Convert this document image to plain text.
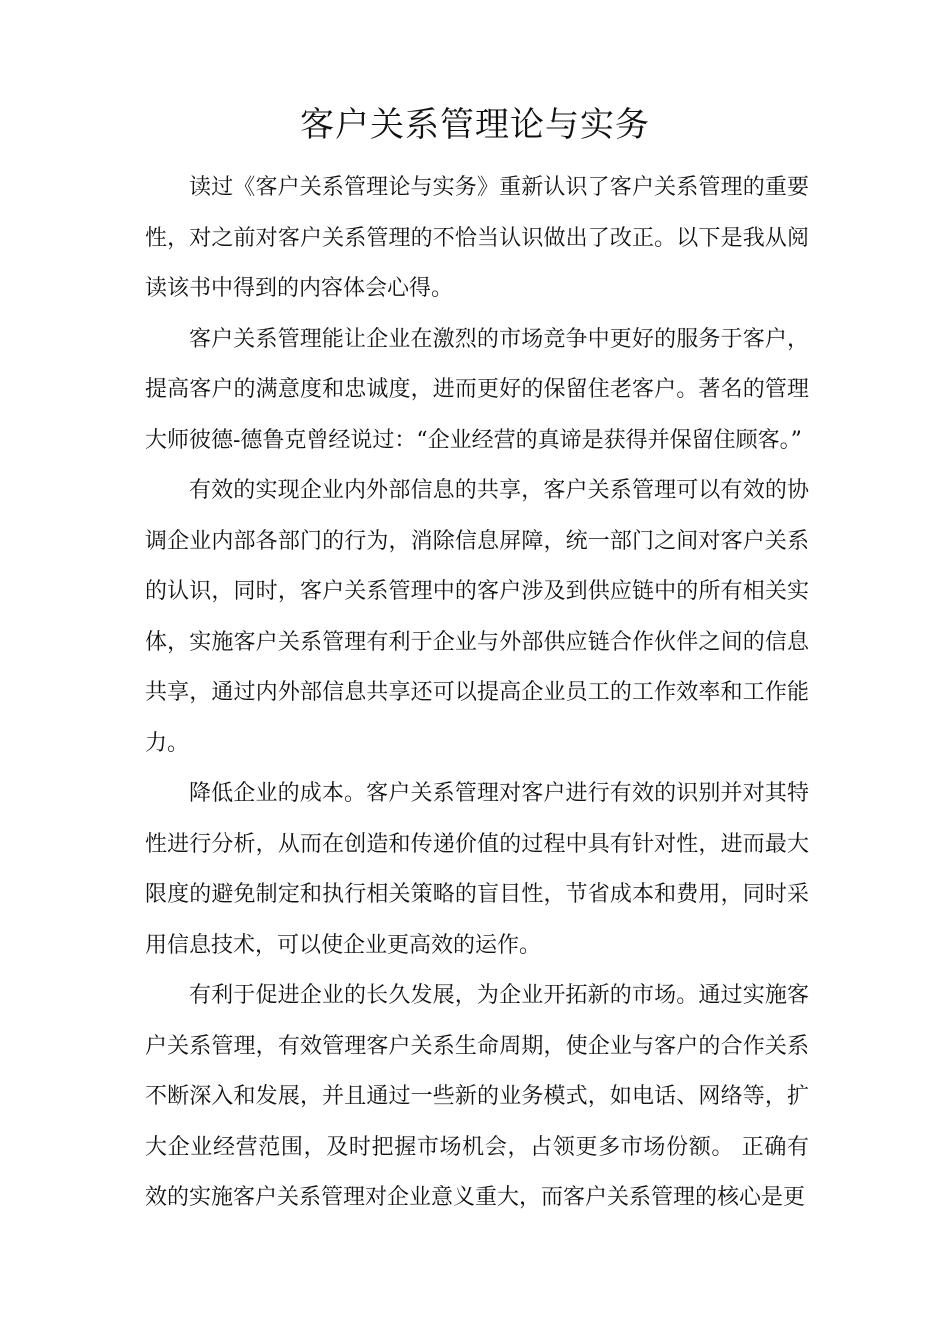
客户关系管理论与实务

读过《客户关系管理论与实务》重新认识了客户关系管理的重要性，对之前对客户关系管理的不恰当认识做出了改正。以下是我从阅读该书中得到的内容体会心得。

客户关系管理能让企业在激烈的市场竞争中更好的服务于客户，提高客户的满意度和忠诚度，进而更好的保留住老客户。著名的管理大师彼德-德鲁克曾经说过：“企业经营的真谛是获得并保留住顾客。”

有效的实现企业内外部信息的共享，客户关系管理可以有效的协调企业内部各部门的行为，消除信息屏障，统一部门之间对客户关系的认识，同时，客户关系管理中的客户涉及到供应链中的所有相关实体，实施客户关系管理有利于企业与外部供应链合作伙伴之间的信息共享，通过内外部信息共享还可以提高企业员工的工作效率和工作能力。

降低企业的成本。客户关系管理对客户进行有效的识别并对其特性进行分析，从而在创造和传递价值的过程中具有针对性，进而最大限度的避免制定和执行相关策略的盲目性，节省成本和费用，同时采用信息技术，可以使企业更高效的运作。

有利于促进企业的长久发展，为企业开拓新的市场。通过实施客户关系管理，有效管理客户关系生命周期，使企业与客户的合作关系不断深入和发展，并且通过一些新的业务模式，如电话、网络等，扩大企业经营范围，及时把握市场机会，占领更多市场份额。 正确有效的实施客户关系管理对企业意义重大，而客户关系管理的核心是更
